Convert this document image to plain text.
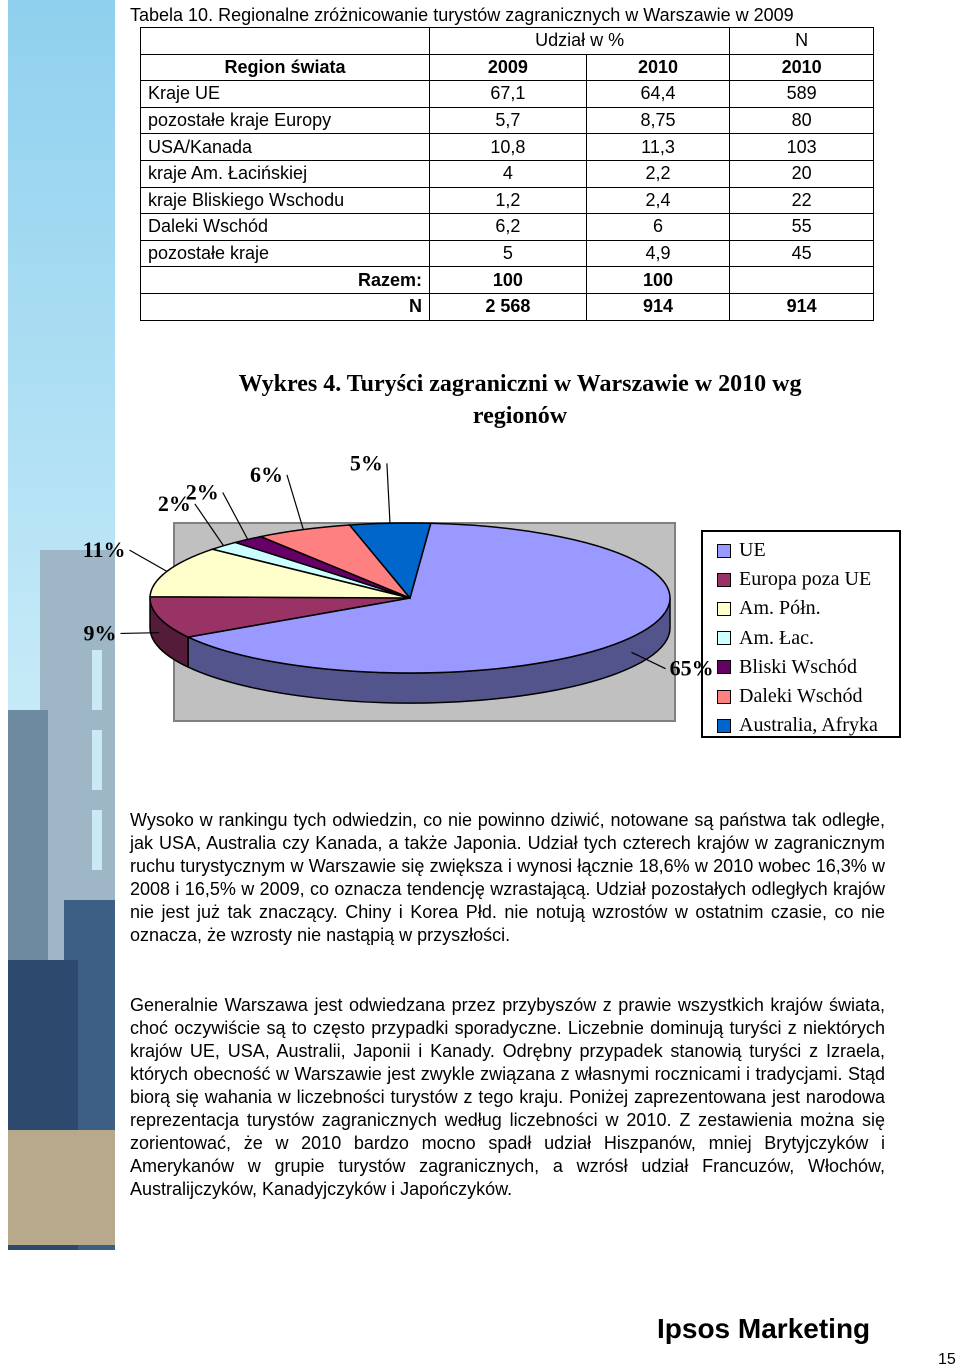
Tabela 10. Regionalne zróżnicowanie turystów zagranicznych w Warszawie w 2009
	Udział w %		N
Region świata	2009	2010	2010
Kraje UE	67,1	64,4	589
pozostałe kraje Europy	5,7	8,75	80
USA/Kanada	10,8	11,3	103
kraje Am. Łacińskiej	4	2,2	20
kraje Bliskiego Wschodu	1,2	2,4	22
Daleki Wschód	6,2	6	55
pozostałe kraje	5	4,9	45
Razem:	100	100	
N	2 568	914	914
Wykres 4. Turyści zagraniczni w Warszawie w 2010 wg regionów
65%
9%
11%
2%
2%
6%	5%
UE
Europa poza UE
Am. Półn.
Am. Łac.
Bliski Wschód
Daleki Wschód
Australia, Afryka

Wysoko w rankingu tych odwiedzin, co nie powinno dziwić, notowane są państwa tak odległe, jak USA, Australia czy Kanada, a także Japonia. Udział tych czterech krajów w zagranicznym ruchu turystycznym w Warszawie się zwiększa i wynosi łącznie 18,6% w 2010 wobec 16,3% w 2008 i 16,5% w 2009, co oznacza tendencję wzrastającą. Udział pozostałych odległych krajów nie jest już tak znaczący. Chiny i Korea Płd. nie notują wzrostów w ostatnim czasie, co nie oznacza, że wzrosty nie nastąpią w przyszłości.

Generalnie Warszawa jest odwiedzana przez przybyszów z prawie wszystkich krajów świata, choć oczywiście są to często przypadki sporadyczne. Liczebnie dominują turyści z niektórych krajów UE, USA, Australii, Japonii i Kanady. Odrębny przypadek stanowią turyści z Izraela, których obecność w Warszawie jest zwykle związana z własnymi rocznicami i tradycjami. Stąd biorą się wahania w liczebności turystów z tego kraju. Poniżej zaprezentowana jest narodowa reprezentacja turystów zagranicznych według liczebności w 2010. Z zestawienia można się zorientować, że w 2010 bardzo mocno spadł udział Hiszpanów, mniej Brytyjczyków i Amerykanów w grupie turystów zagranicznych, a wzrósł udział Francuzów, Włochów, Australijczyków, Kanadyjczyków i Japończyków.

Ipsos Marketing
15
